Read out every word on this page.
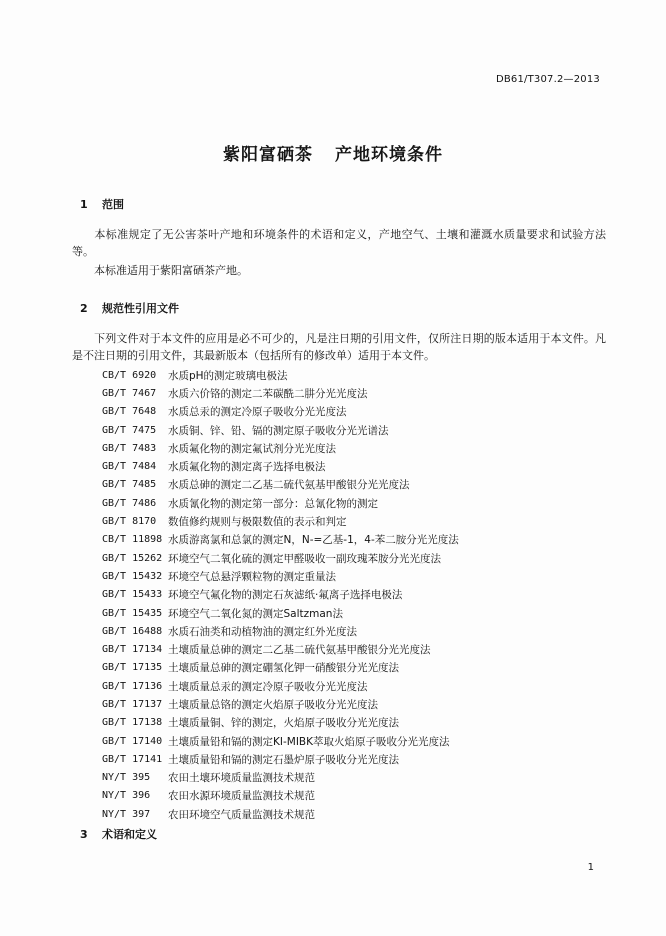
DB61/T307.2—2013
紫阳富硒茶 产地环境条件
1 范围
本标准规定了无公害茶叶产地和环境条件的术语和定义，产地空气、土壤和灌溉水质量要求和试验方法等。
本标准适用于紫阳富硒茶产地。
2 规范性引用文件
下列文件对于本文件的应用是必不可少的，凡是注日期的引用文件，仅所注日期的版本适用于本文件。凡是不注日期的引用文件，其最新版本（包括所有的修改单）适用于本文件。
CB/T 6920	水质pH的测定玻璃电极法
GB/T 7467	水质六价铬的测定二苯碳酰二肼分光光度法
GB/T 7648	水质总汞的测定冷原子吸收分光光度法
GB/T 7475	水质铜、锌、铅、镉的测定原子吸收分光光谱法
GB/T 7483	水质氟化物的测定氟试剂分光光度法
GB/T 7484	水质氟化物的测定离子选择电极法
GB/T 7485	水质总砷的测定二乙基二硫代氨基甲酸银分光光度法
GB/T 7486	水质氰化物的测定第一部分：总氰化物的测定
GB/T 8170	数值修约规则与极限数值的表示和判定
CB/T 11898 水质游离氯和总氯的测定N，N-=乙基-1，4-苯二胺分光光度法
GB/T 15262 环境空气二氧化硫的测定甲醛吸收一副玫瑰苯胺分光光度法
GB/T 15432 环境空气总悬浮颗粒物的测定重量法
GB/T 15433 环境空气氟化物的测定石灰滤纸·氟离子选择电极法
GB/T 15435 环境空气二氧化氮的测定Saltzman法
GB/T 16488 水质石油类和动植物油的测定红外光度法
GB/T 17134 土壤质量总砷的测定二乙基二硫代氨基甲酸银分光光度法
GB/T 17135 土壤质量总砷的测定硼氢化钾一硝酸银分光光度法
GB/T 17136 土壤质量总汞的测定冷原子吸收分光光度法
GB/T 17137 土壤质量总铬的测定火焰原子吸收分光光度法
GB/T 17138 土壤质量铜、锌的测定，火焰原子吸收分光光度法
GB/T 17140 土壤质量铅和镉的测定KI-MIBK萃取火焰原子吸收分光光度法
GB/T 17141 土壤质量铅和镉的测定石墨炉原子吸收分光光度法
NY/T 395	农田土壤环境质量监测技术规范
NY/T 396	农田水源环境质量监测技术规范
NY/T 397	农田环境空气质量监测技术规范
3 术语和定义
1
